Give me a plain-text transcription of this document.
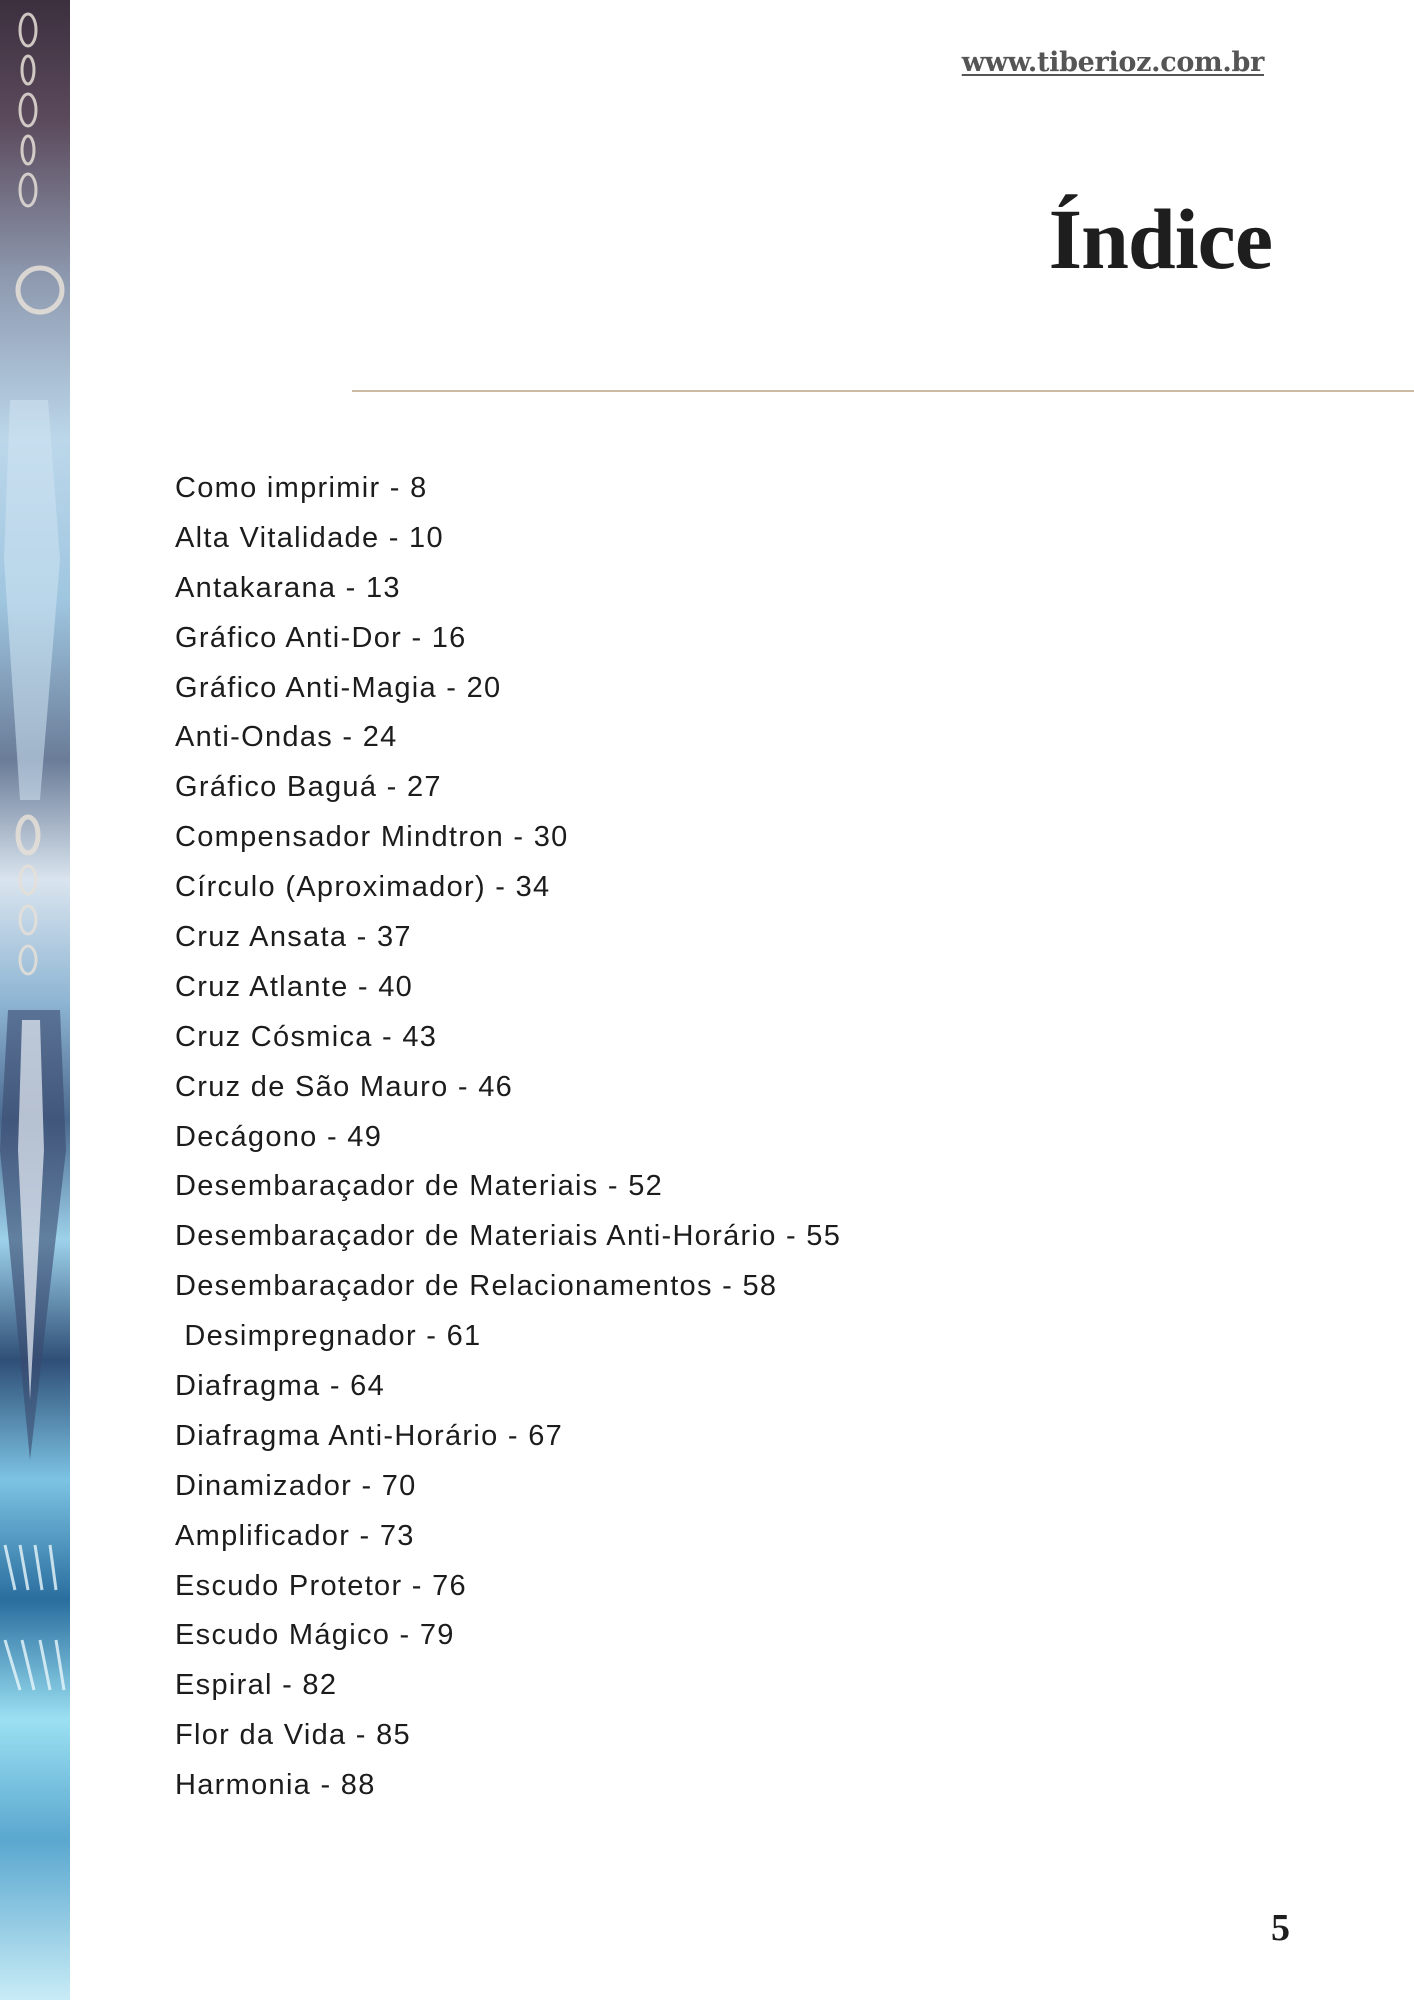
www.tiberioz.com.br
Índice
Como imprimir - 8
Alta Vitalidade - 10
Antakarana - 13
Gráfico Anti-Dor - 16
Gráfico Anti-Magia - 20
Anti-Ondas - 24
Gráfico Baguá - 27
Compensador Mindtron - 30
Círculo (Aproximador) - 34
Cruz Ansata - 37
Cruz Atlante - 40
Cruz Cósmica - 43
Cruz de São Mauro - 46
Decágono - 49
Desembaraçador de Materiais - 52
Desembaraçador de Materiais Anti-Horário - 55
Desembaraçador de Relacionamentos - 58
Desimpregnador - 61
Diafragma - 64
Diafragma Anti-Horário - 67
Dinamizador - 70
Amplificador - 73
Escudo Protetor - 76
Escudo Mágico - 79
Espiral - 82
Flor da Vida - 85
Harmonia - 88
5
